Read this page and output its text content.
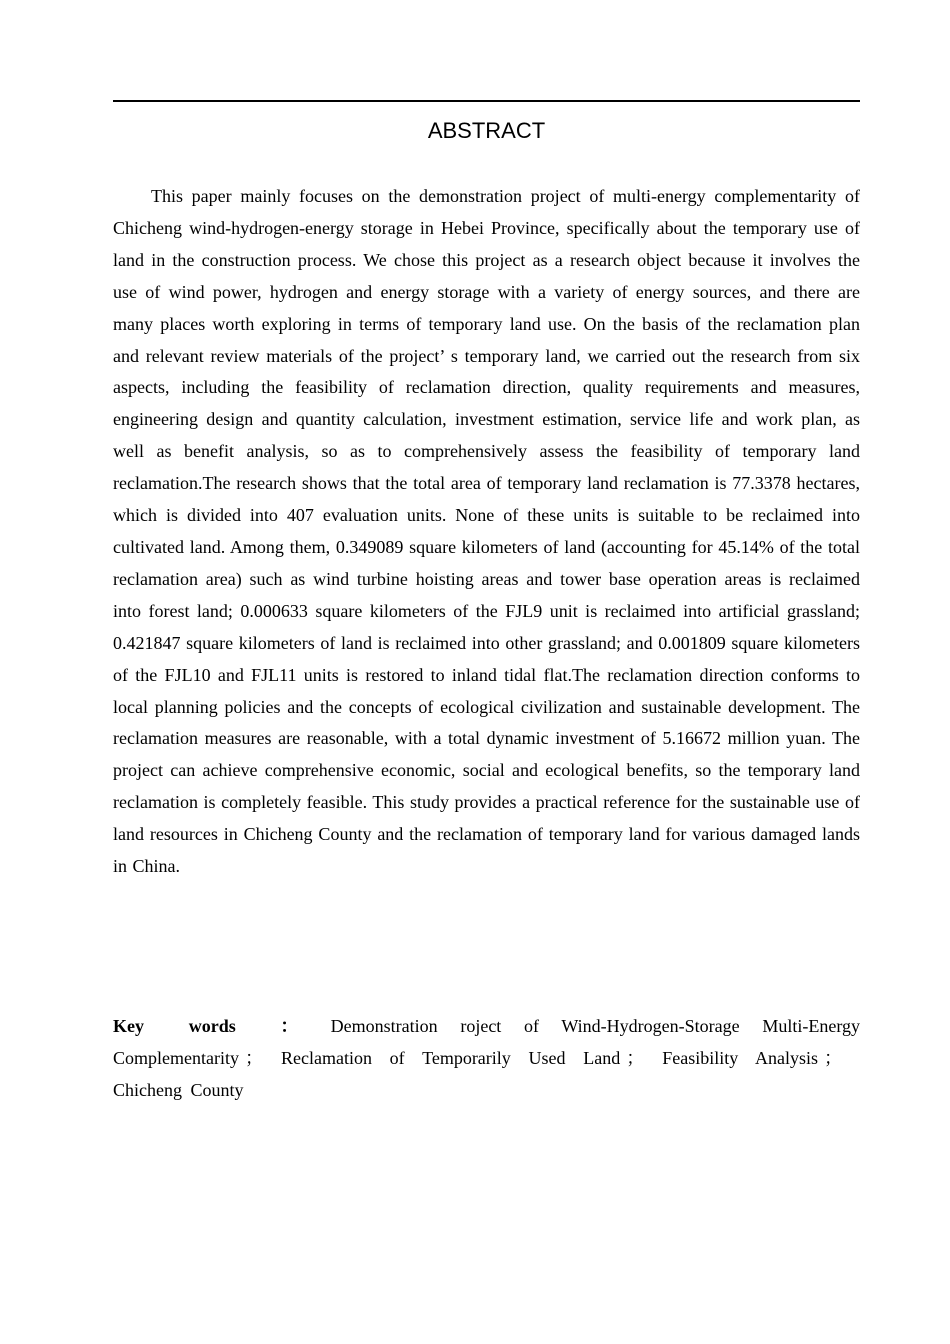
ABSTRACT

This paper mainly focuses on the demonstration project of multi-energy complementarity of Chicheng wind-hydrogen-energy storage in Hebei Province, specifically about the temporary use of land in the construction process. We chose this project as a research object because it involves the use of wind power, hydrogen and energy storage with a variety of energy sources, and there are many places worth exploring in terms of temporary land use. On the basis of the reclamation plan and relevant review materials of the project’ s temporary land, we carried out the research from six aspects, including the feasibility of reclamation direction, quality requirements and measures, engineering design and quantity calculation, investment estimation, service life and work plan, as well as benefit analysis, so as to comprehensively assess the feasibility of temporary land reclamation.The research shows that the total area of temporary land reclamation is 77.3378 hectares, which is divided into 407 evaluation units. None of these units is suitable to be reclaimed into cultivated land. Among them, 0.349089 square kilometers of land (accounting for 45.14% of the total reclamation area) such as wind turbine hoisting areas and tower base operation areas is reclaimed into forest land; 0.000633 square kilometers of the FJL9 unit is reclaimed into artificial grassland; 0.421847 square kilometers of land is reclaimed into other grassland; and 0.001809 square kilometers of the FJL10 and FJL11 units is restored to inland tidal flat.The reclamation direction conforms to local planning policies and the concepts of ecological civilization and sustainable development. The reclamation measures are reasonable, with a total dynamic investment of 5.16672 million yuan. The project can achieve comprehensive economic, social and ecological benefits, so the temporary land reclamation is completely feasible. This study provides a practical reference for the sustainable use of land resources in Chicheng County and the reclamation of temporary land for various damaged lands in China.

Key words ： Demonstration roject of Wind-Hydrogen-Storage Multi-Energy Complementarity ； Reclamation of Temporarily Used Land ； Feasibility Analysis ；Chicheng County
